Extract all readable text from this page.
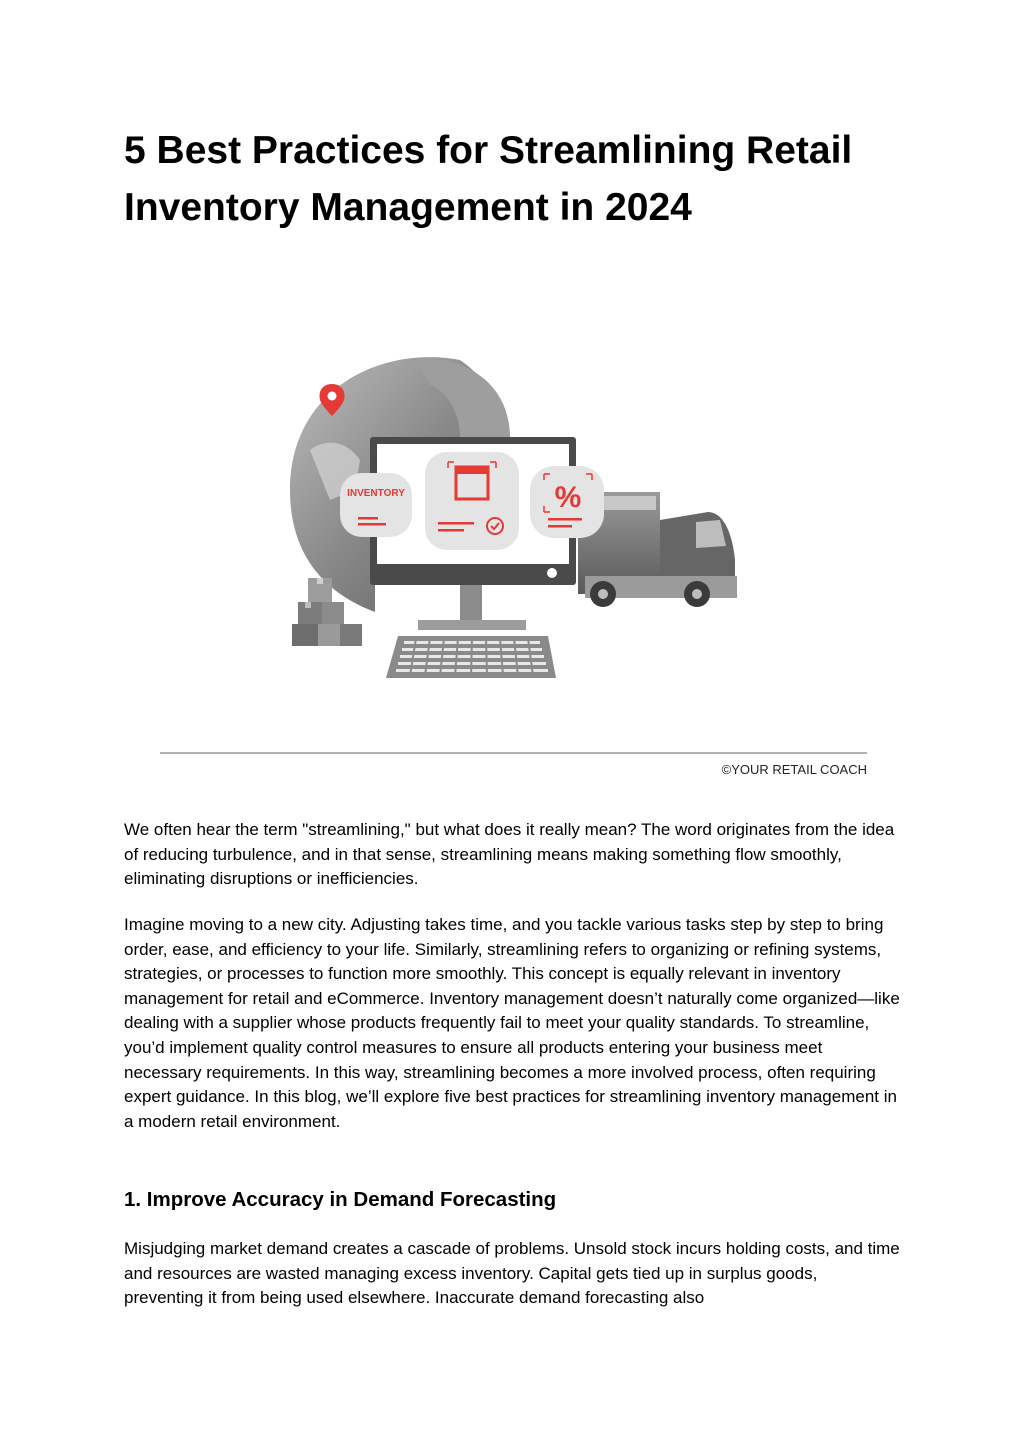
5 Best Practices for Streamlining Retail Inventory Management in 2024
INVENTORY	%
©YOUR RETAIL COACH

We often hear the term "streamlining," but what does it really mean? The word originates from the idea of reducing turbulence, and in that sense, streamlining means making something flow smoothly, eliminating disruptions or inefficiencies.

Imagine moving to a new city. Adjusting takes time, and you tackle various tasks step by step to bring order, ease, and efficiency to your life. Similarly, streamlining refers to organizing or refining systems, strategies, or processes to function more smoothly. This concept is equally relevant in inventory management for retail and eCommerce. Inventory management doesn’t naturally come organized—like dealing with a supplier whose products frequently fail to meet your quality standards. To streamline, you’d implement quality control measures to ensure all products entering your business meet necessary requirements. In this way, streamlining becomes a more involved process, often requiring expert guidance. In this blog, we’ll explore five best practices for streamlining inventory management in a modern retail environment.

1. Improve Accuracy in Demand Forecasting

Misjudging market demand creates a cascade of problems. Unsold stock incurs holding costs, and time and resources are wasted managing excess inventory. Capital gets tied up in surplus goods, preventing it from being used elsewhere. Inaccurate demand forecasting also
